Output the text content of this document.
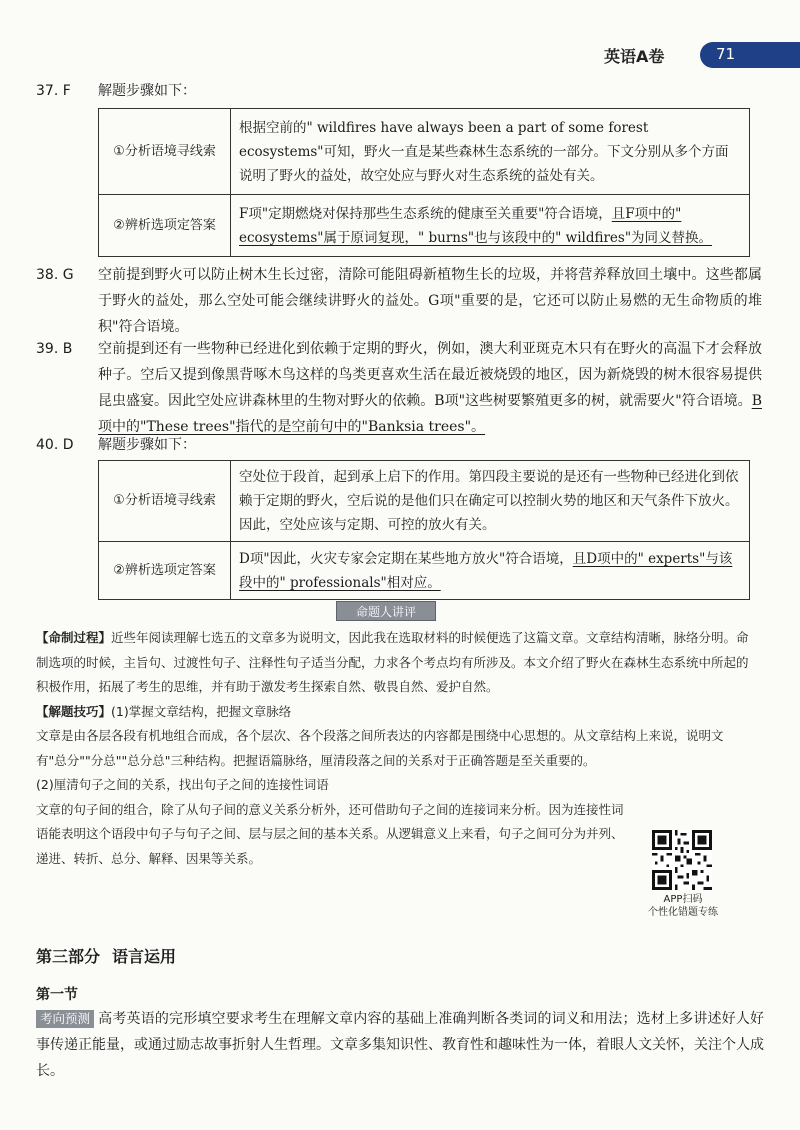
英语A卷	71
37. F 解题步骤如下：
①分析语境寻线索	根据空前的" wildfires have always been a part of some forest ecosystems"可知，野火一直是某些森林生态系统的一部分。下文分别从多个方面说明了野火的益处，故空处应与野火对生态系统的益处有关。
②辨析选项定答案	F项"定期燃烧对保持那些生态系统的健康至关重要"符合语境，且F项中的" ecosystems"属于原词复现，" burns"也与该段中的" wildfires"为同义替换。
38. G	空前提到野火可以防止树木生长过密，清除可能阻碍新植物生长的垃圾，并将营养释放回土壤中。这些都属于野火的益处，那么空处可能会继续讲野火的益处。G项"重要的是，它还可以防止易燃的无生命物质的堆积"符合语境。

39. B	空前提到还有一些物种已经进化到依赖于定期的野火，例如，澳大利亚斑克木只有在野火的高温下才会释放种子。空后又提到像黑背啄木鸟这样的鸟类更喜欢生活在最近被烧毁的地区，因为新烧毁的树木很容易提供昆虫盛宴。因此空处应讲森林里的生物对野火的依赖。B项"这些树要繁殖更多的树，就需要火"符合语境。B项中的"These trees"指代的是空前句中的"Banksia trees"。

40. D 解题步骤如下：
①分析语境寻线索	空处位于段首，起到承上启下的作用。第四段主要说的是还有一些物种已经进化到依赖于定期的野火，空后说的是他们只在确定可以控制火势的地区和天气条件下放火。因此，空处应该与定期、可控的放火有关。
②辨析选项定答案	D项"因此，火灾专家会定期在某些地方放火"符合语境，且D项中的" experts"与该段中的" professionals"相对应。
命题人讲评

【命制过程】近些年阅读理解七选五的文章多为说明文，因此我在选取材料的时候便选了这篇文章。文章结构清晰，脉络分明。命制选项的时候，主旨句、过渡性句子、注释性句子适当分配，力求各个考点均有所涉及。本文介绍了野火在森林生态系统中所起的积极作用，拓展了考生的思维，并有助于激发考生探索自然、敬畏自然、爱护自然。

【解题技巧】(1)掌握文章结构，把握文章脉络

文章是由各层各段有机地组合而成，各个层次、各个段落之间所表达的内容都是围绕中心思想的。从文章结构上来说，说明文有"总分""分总""总分总"三种结构。把握语篇脉络，厘清段落之间的关系对于正确答题是至关重要的。

(2)厘清句子之间的关系，找出句子之间的连接性词语

文章的句子间的组合，除了从句子间的意义关系分析外，还可借助句子之间的连接词来分析。因为连接性词语能表明这个语段中句子与句子之间、层与层之间的基本关系。从逻辑意义上来看，句子之间可分为并列、递进、转折、总分、解释、因果等关系。

APP扫码
个性化错题专练
第三部分 语言运用
第一节
考向预测 高考英语的完形填空要求考生在理解文章内容的基础上准确判断各类词的词义和用法；选材上多讲述好人好事传递正能量，或通过励志故事折射人生哲理。文章多集知识性、教育性和趣味性为一体，着眼人文关怀，关注个人成长。
